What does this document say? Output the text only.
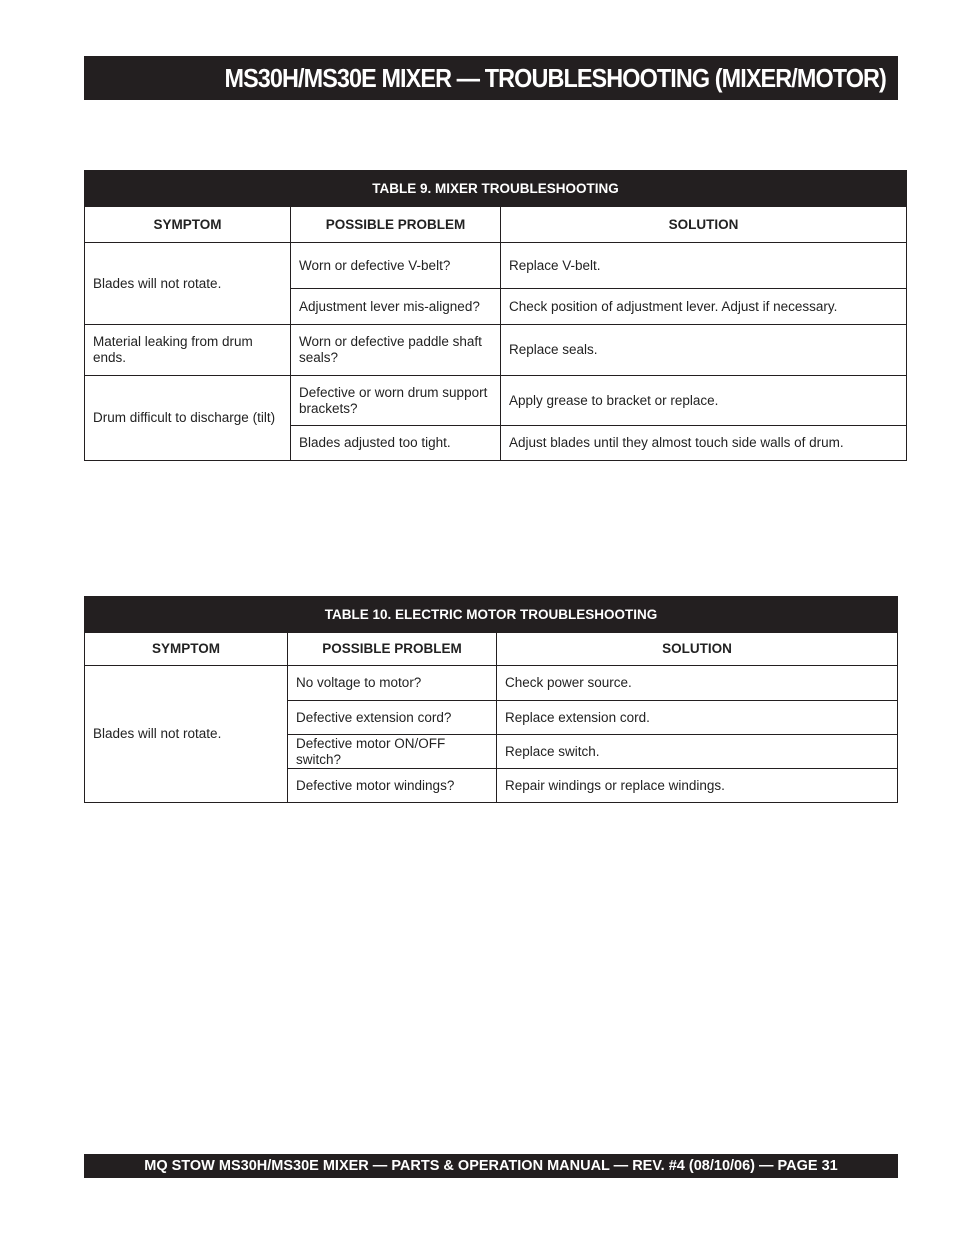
MS30H/MS30E MIXER — TROUBLESHOOTING (MIXER/MOTOR)
TABLE 9. MIXER TROUBLESHOOTING		
SYMPTOM	POSSIBLE PROBLEM	SOLUTION
Blades will not rotate.	Worn or defective V-belt?	Replace V-belt.
	Adjustment lever mis-aligned?	Check position of adjustment lever. Adjust if necessary.
Material leaking from drum ends.	Worn or defective paddle shaft seals?	Replace seals.
Drum difficult to discharge (tilt)	Defective or worn drum support brackets?	Apply grease to bracket or replace.
	Blades adjusted too tight.	Adjust blades until they almost touch side walls of drum.
TABLE 10. ELECTRIC MOTOR TROUBLESHOOTING		
SYMPTOM	POSSIBLE PROBLEM	SOLUTION
Blades will not rotate.	No voltage to motor?	Check power source.
	Defective extension cord?	Replace extension cord.
	Defective motor ON/OFF switch?	Replace switch.
	Defective motor windings?	Repair windings or replace windings.
MQ STOW MS30H/MS30E MIXER — PARTS & OPERATION MANUAL — REV. #4 (08/10/06) — PAGE 31
